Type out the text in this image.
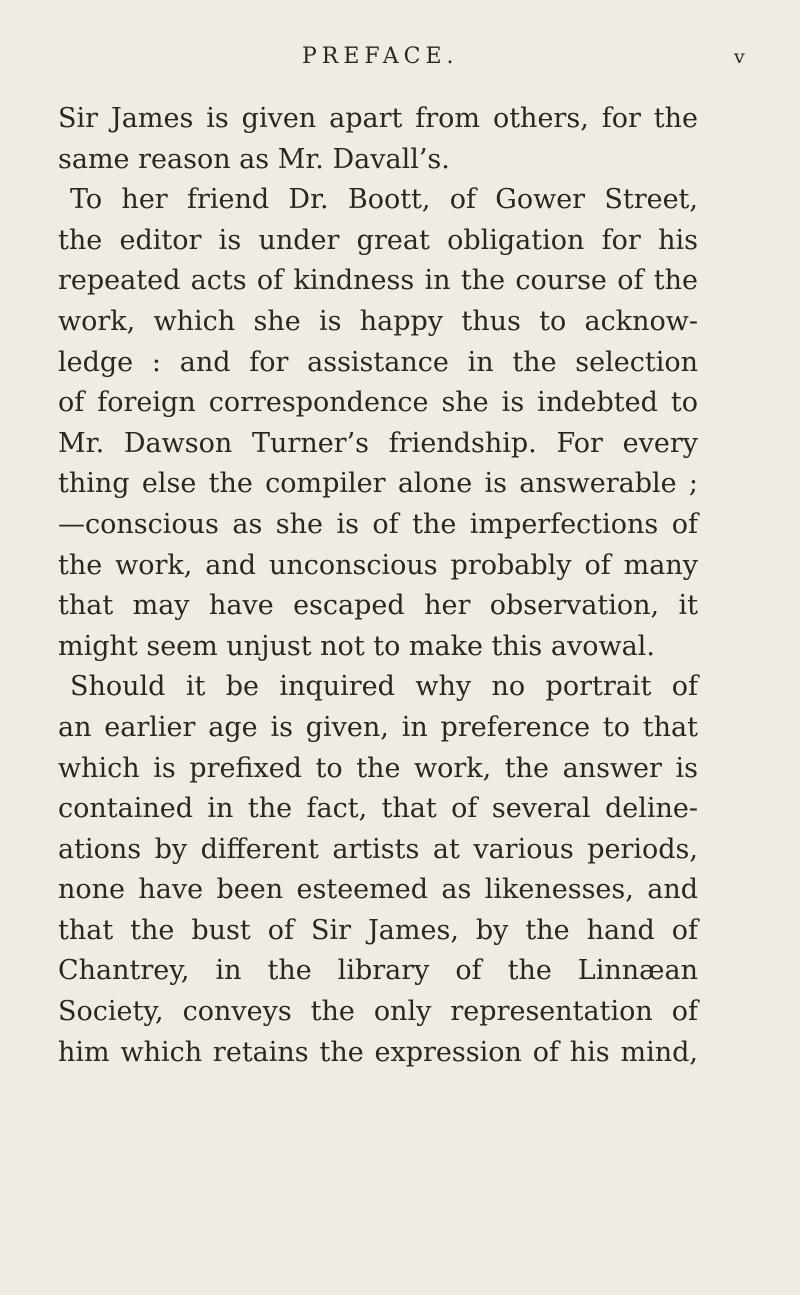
PREFACE.	v
Sir James is given apart from others, for the
same reason as Mr. Davall’s.
To her friend Dr. Boott, of Gower Street,
the editor is under great obligation for his
repeated acts of kindness in the course of the
work, which she is happy thus to acknow-
ledge : and for assistance in the selection
of foreign correspondence she is indebted to
Mr. Dawson Turner’s friendship. For every
thing else the compiler alone is answerable ;
—conscious as she is of the imperfections of
the work, and unconscious probably of many
that may have escaped her observation, it
might seem unjust not to make this avowal.
Should it be inquired why no portrait of
an earlier age is given, in preference to that
which is prefixed to the work, the answer is
contained in the fact, that of several deline-
ations by different artists at various periods,
none have been esteemed as likenesses, and
that the bust of Sir James, by the hand of
Chantrey, in the library of the Linnæan
Society, conveys the only representation of
him which retains the expression of his mind,
